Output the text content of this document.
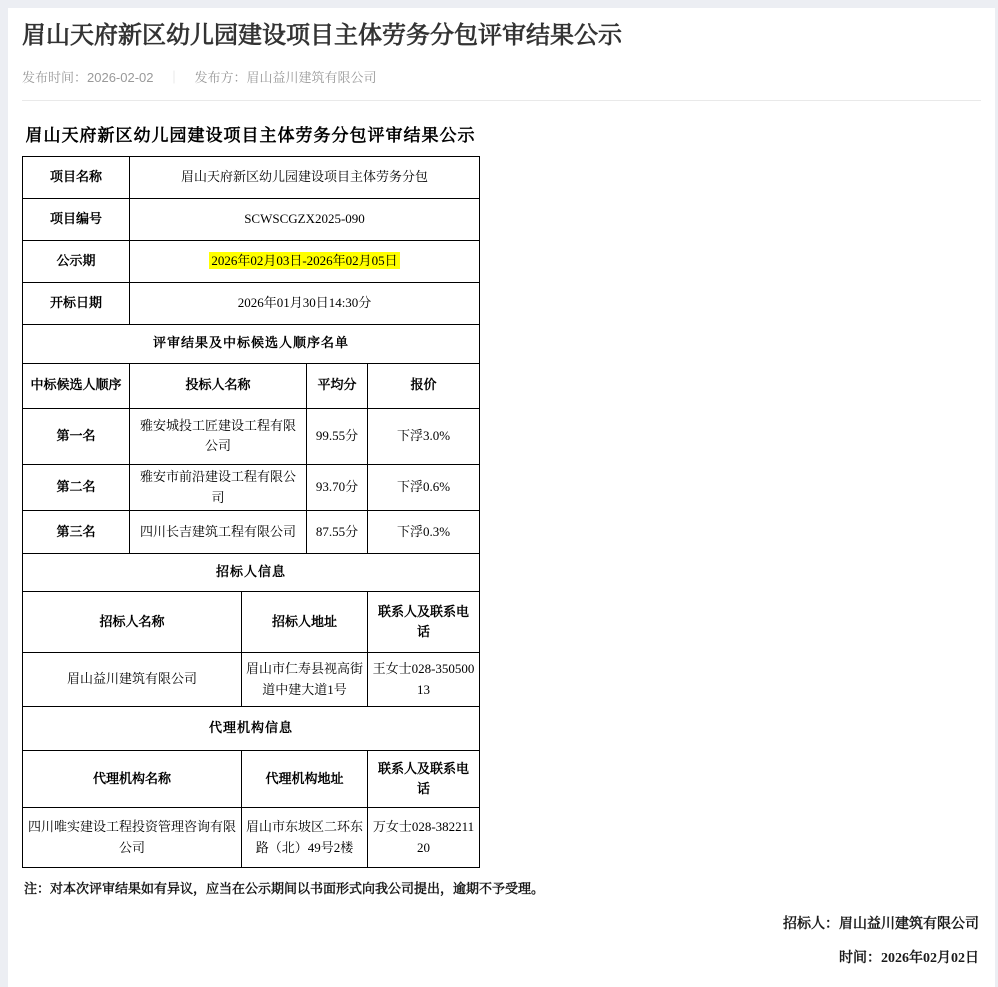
眉山天府新区幼儿园建设项目主体劳务分包评审结果公示
发布时间：2026-02-02 ｜ 发布方：眉山益川建筑有限公司
眉山天府新区幼儿园建设项目主体劳务分包评审结果公示
项目名称	眉山天府新区幼儿园建设项目主体劳务分包			
项目编号	SCWSCGZX2025-090			
公示期	2026年02月03日-2026年02月05日			
开标日期	2026年01月30日14:30分			
评审结果及中标候选人顺序名单				
中标候选人顺序	投标人名称		平均分	报价
第一名	雅安城投工匠建设工程有限公司		99.55分	下浮3.0%
第二名	雅安市前沿建设工程有限公司		93.70分	下浮0.6%
第三名	四川长吉建筑工程有限公司		87.55分	下浮0.3%
招标人信息				
招标人名称		招标人地址		联系人及联系电话
眉山益川建筑有限公司		眉山市仁寿县视高街道中建大道1号		王女士028-35050013
代理机构信息				
代理机构名称		代理机构地址		联系人及联系电话
四川唯实建设工程投资管理咨询有限公司		眉山市东坡区二环东路（北）49号2楼		万女士028-38221120
注：对本次评审结果如有异议，应当在公示期间以书面形式向我公司提出，逾期不予受理。
招标人：眉山益川建筑有限公司
时间：2026年02月02日
